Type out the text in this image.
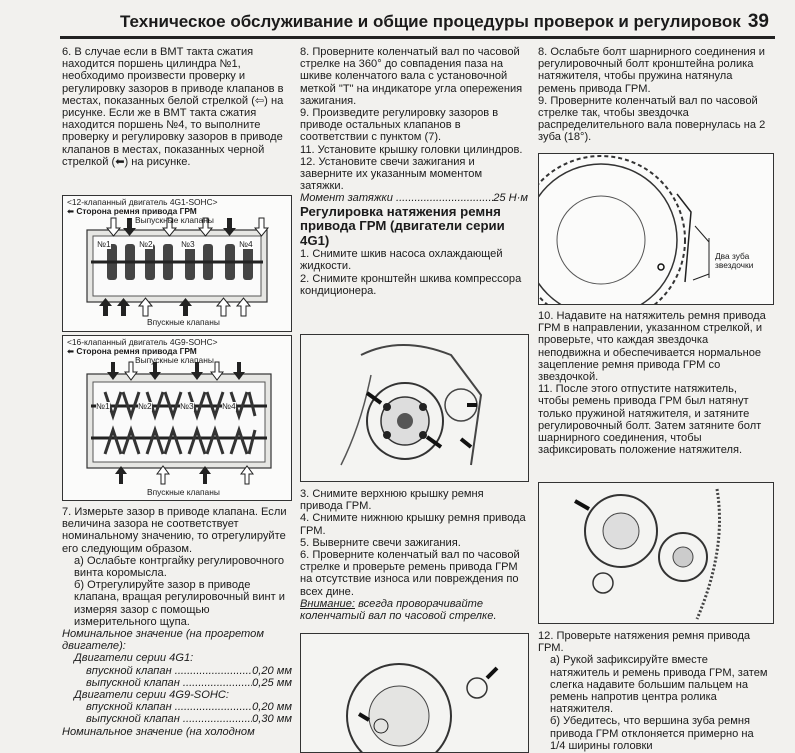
Техническое обслуживание и общие процедуры проверок и регулировок 39

6. В случае если в ВМТ такта сжатия находится поршень цилиндра №1, необходимо произвести проверку и регулировку зазоров в приводе клапанов в местах, показанных белой стрелкой (⇦) на рисунке. Если же в ВМТ такта сжатия находится поршень №4, то выполните проверку и регулировку зазоров в приводе клапанов в местах, показанных черной стрелкой (⬅) на рисунке.

<12-клапанный двигатель 4G1-SOHC>
⬅ Сторона ремня привода ГРМ
Выпускные клапаны
№1	№2	№3	№4
Впускные клапаны
<16-клапанный двигатель 4G9-SOHC>
⬅ Сторона ремня привода ГРМ
Выпускные клапаны
№1	№2	№3	№4
Впускные клапаны

7. Измерьте зазор в приводе клапана. Если величина зазора не соответствует номинальному значению, то отрегулируйте его следующим образом.

а) Ослабьте контргайку регулировочного винта коромысла.

б) Отрегулируйте зазор в приводе клапана, вращая регулировочный винт и измеряя зазор с помощью измерительного щупа.

Номинальное значение (на прогретом двигателе):

Двигатели серии 4G1:

впускной клапан .....	0,20 мм
выпускной клапан .....	0,25 мм

Двигатели серии 4G9-SOHC:

впускной клапан .....	0,20 мм
выпускной клапан .....	0,30 мм

Номинальное значение (на холодном

8. Проверните коленчатый вал по часовой стрелке на 360° до совпадения паза на шкиве коленчатого вала с установочной меткой "Т" на индикаторе угла опережения зажигания.

9. Произведите регулировку зазоров в приводе остальных клапанов в соответствии с пунктом (7).

11. Установите крышку головки цилиндров.

12. Установите свечи зажигания и заверните их указанным моментом затяжки.

Момент затяжки .....	25 Н·м

Регулировка натяжения ремня привода ГРМ (двигатели серии 4G1)

1. Снимите шкив насоса охлаждающей жидкости.

2. Снимите кронштейн шкива компрессора кондиционера.

3. Снимите верхнюю крышку ремня привода ГРМ.

4. Снимите нижнюю крышку ремня привода ГРМ.

5. Выверните свечи зажигания.

6. Проверните коленчатый вал по часовой стрелке и проверьте ремень привода ГРМ на отсутствие износа или повреждения по всех дине.

Внимание: всегда проворачивайте коленчатый вал по часовой стрелке.

8. Ослабьте болт шарнирного соединения и регулировочный болт кронштейна ролика натяжителя, чтобы пружина натянула ремень привода ГРМ.

9. Проверните коленчатый вал по часовой стрелке так, чтобы звездочка распределительного вала повернулась на 2 зуба (18°).

Два зуба звездочки

10. Надавите на натяжитель ремня привода ГРМ в направлении, указанном стрелкой, и проверьте, что каждая звездочка неподвижна и обеспечивается нормальное зацепление ремня привода ГРМ со звездочкой.

11. После этого отпустите натяжитель, чтобы ремень привода ГРМ был натянут только пружиной натяжителя, и затяните регулировочный болт. Затем затяните болт шарнирного соединения, чтобы зафиксировать положение натяжителя.

12. Проверьте натяжения ремня привода ГРМ.

а) Рукой зафиксируйте вместе натяжитель и ремень привода ГРМ, затем слегка надавите большим пальцем на ремень напротив центра ролика натяжителя.

б) Убедитесь, что вершина зуба ремня привода ГРМ отклоняется примерно на 1/4 ширины головки
